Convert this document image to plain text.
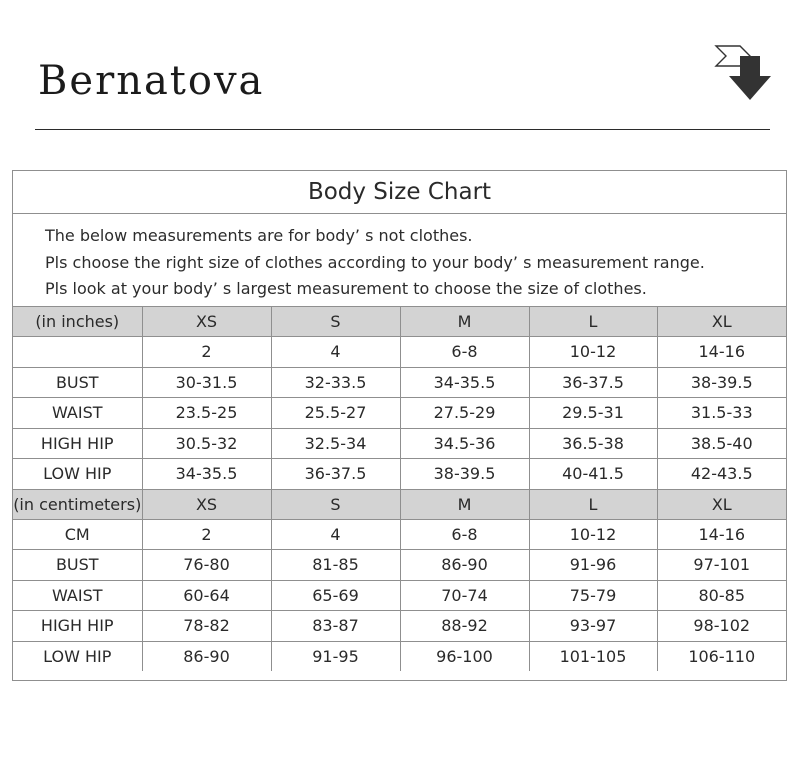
Bernatova
Body Size Chart
The below measurements are for body’ s not clothes.
Pls choose the right size of clothes according to your body’ s measurement range.
Pls look at your body’ s largest measurement to choose the size of clothes.
(in inches)	XS	S	M	L	XL
	2	4	6-8	10-12	14-16
BUST	30-31.5	32-33.5	34-35.5	36-37.5	38-39.5
WAIST	23.5-25	25.5-27	27.5-29	29.5-31	31.5-33
HIGH HIP	30.5-32	32.5-34	34.5-36	36.5-38	38.5-40
LOW HIP	34-35.5	36-37.5	38-39.5	40-41.5	42-43.5
(in centimeters)	XS	S	M	L	XL
CM	2	4	6-8	10-12	14-16
BUST	76-80	81-85	86-90	91-96	97-101
WAIST	60-64	65-69	70-74	75-79	80-85
HIGH HIP	78-82	83-87	88-92	93-97	98-102
LOW HIP	86-90	91-95	96-100	101-105	106-110
